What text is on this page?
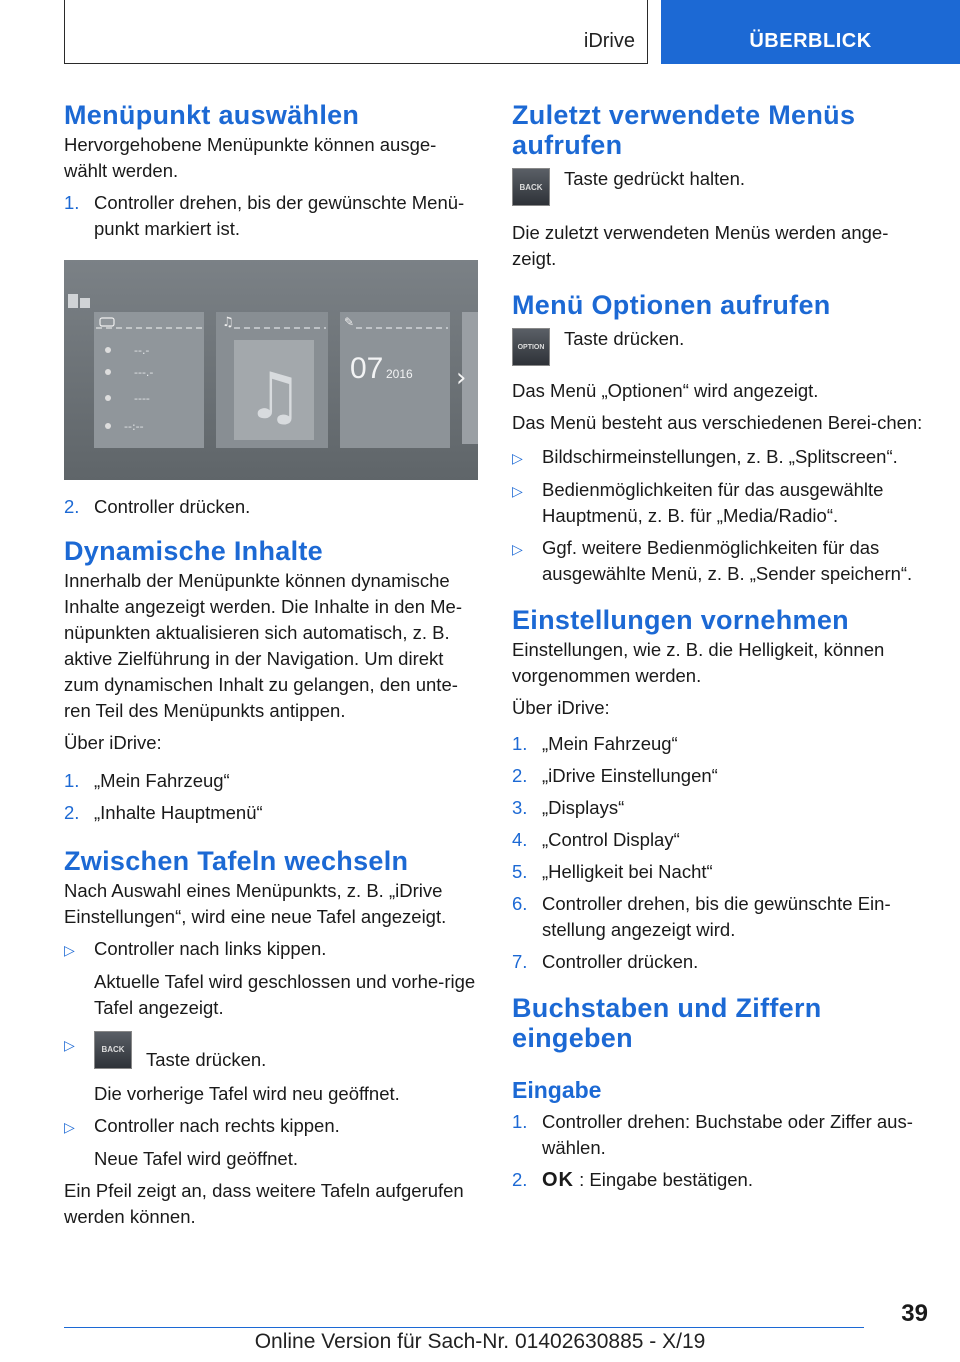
iDrive	ÜBERBLICK
Menüpunkt auswählen

Hervorgehobene Menüpunkte können ausge-wählt werden.

1. Controller drehen, bis der gewünschte Menü-punkt markiert ist.
♫	✎
♫
--.-
---.-
----
--:--
07 2016 ›
2. Controller drücken.
Dynamische Inhalte

Innerhalb der Menüpunkte können dynamische Inhalte angezeigt werden. Die Inhalte in den Me-nüpunkten aktualisieren sich automatisch, z. B. aktive Zielführung in der Navigation. Um direkt zum dynamischen Inhalt zu gelangen, den unte-ren Teil des Menüpunkts antippen.

Über iDrive:

1. „Mein Fahrzeug“
2. „Inhalte Hauptmenü“
Zwischen Tafeln wechseln

Nach Auswahl eines Menüpunkts, z. B. „iDrive Einstellungen“, wird eine neue Tafel angezeigt.

▷	Controller nach links kippen.
Aktuelle Tafel wird geschlossen und vorhe-rige Tafel angezeigt.
▷	BACK	Taste drücken.
Die vorherige Tafel wird neu geöffnet.
▷	Controller nach rechts kippen.
Neue Tafel wird geöffnet.

Ein Pfeil zeigt an, dass weitere Tafeln aufgerufen werden können.

Zuletzt verwendete Menüs aufrufen
BACK	Taste gedrückt halten.

Die zuletzt verwendeten Menüs werden ange-zeigt.

Menü Optionen aufrufen
OPTION	Taste drücken.

Das Menü „Optionen“ wird angezeigt.

Das Menü besteht aus verschiedenen Berei-chen:

▷	Bildschirmeinstellungen, z. B. „Splitscreen“.
▷	Bedienmöglichkeiten für das ausgewählte Hauptmenü, z. B. für „Media/Radio“.
▷	Ggf. weitere Bedienmöglichkeiten für das ausgewählte Menü, z. B. „Sender speichern“.
Einstellungen vornehmen

Einstellungen, wie z. B. die Helligkeit, können vorgenommen werden.

Über iDrive:

1. „Mein Fahrzeug“
2. „iDrive Einstellungen“
3. „Displays“
4. „Control Display“
5. „Helligkeit bei Nacht“
6. Controller drehen, bis die gewünschte Ein-stellung angezeigt wird.
7. Controller drücken.
Buchstaben und Ziffern eingeben
Eingabe
1. Controller drehen: Buchstabe oder Ziffer aus-wählen.
2. OK : Eingabe bestätigen.
39
Online Version für Sach-Nr. 01402630885 - X/19
